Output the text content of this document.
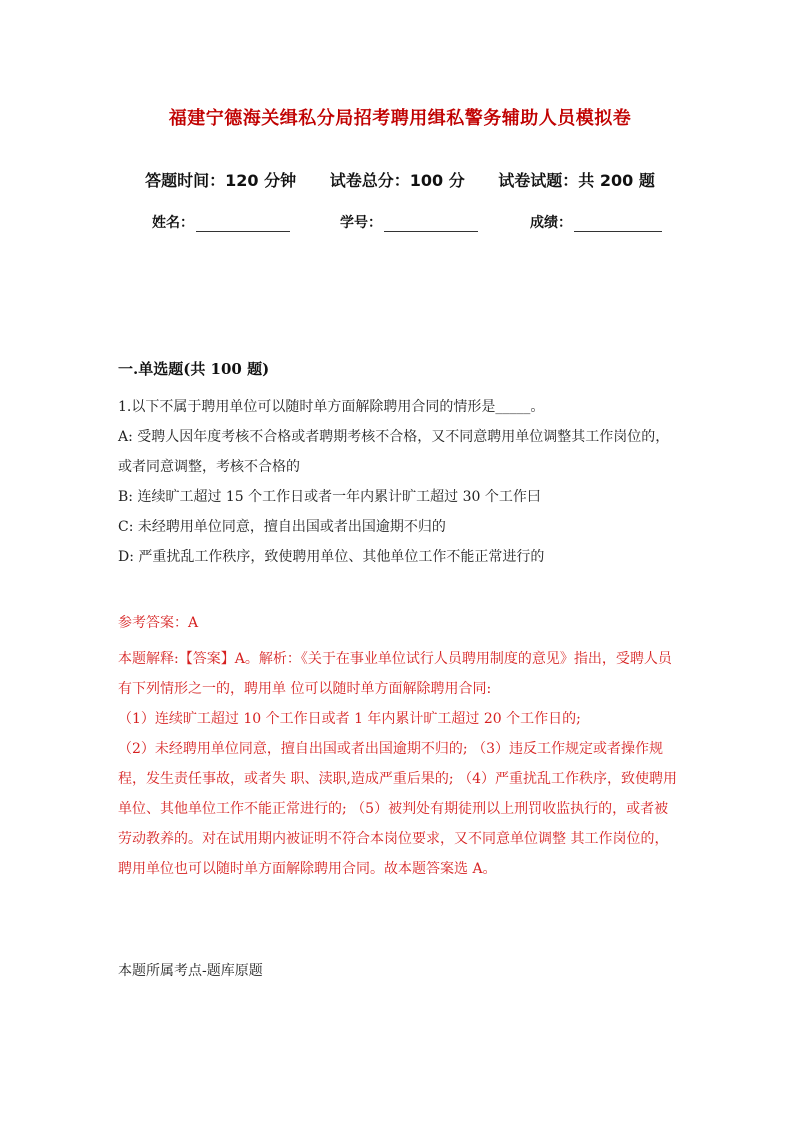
福建宁德海关缉私分局招考聘用缉私警务辅助人员模拟卷
答题时间：120 分钟 试卷总分：100 分 试卷试题：共 200 题
姓名：	学号：	成绩：
一.单选题(共 100 题)

1.以下不属于聘用单位可以随时单方面解除聘用合同的情形是_____。

A: 受聘人因年度考核不合格或者聘期考核不合格，又不同意聘用单位调整其工作岗位的， 或者同意调整，考核不合格的

B: 连续旷工超过 15 个工作日或者一年内累计旷工超过 30 个工作曰

C: 未经聘用单位同意，擅自出国或者出国逾期不归的

D: 严重扰乱工作秩序，致使聘用单位、其他单位工作不能正常进行的

参考答案：A

本题解释:【答案】A。解析：《关于在事业单位试行人员聘用制度的意见》指出，受聘人员有下列情形之一的，聘用单 位可以随时单方面解除聘用合同:

（1）连续旷工超过 10 个工作日或者 1 年内累计旷工超过 20 个工作日的;

（2）未经聘用单位同意，擅自出国或者出国逾期不归的; （3）违反工作规定或者操作规程，发生责任事故，或者失 职、渎职,造成严重后果的; （4）严重扰乱工作秩序，致使聘用单位、其他单位工作不能正常进行的; （5）被判处有期徒刑以上刑罚收监执行的，或者被劳动教养的。对在试用期内被证明不符合本岗位要求，又不同意单位调整 其工作岗位的，聘用单位也可以随时单方面解除聘用合同。故本题答案选 A。

本题所属考点-题库原题
